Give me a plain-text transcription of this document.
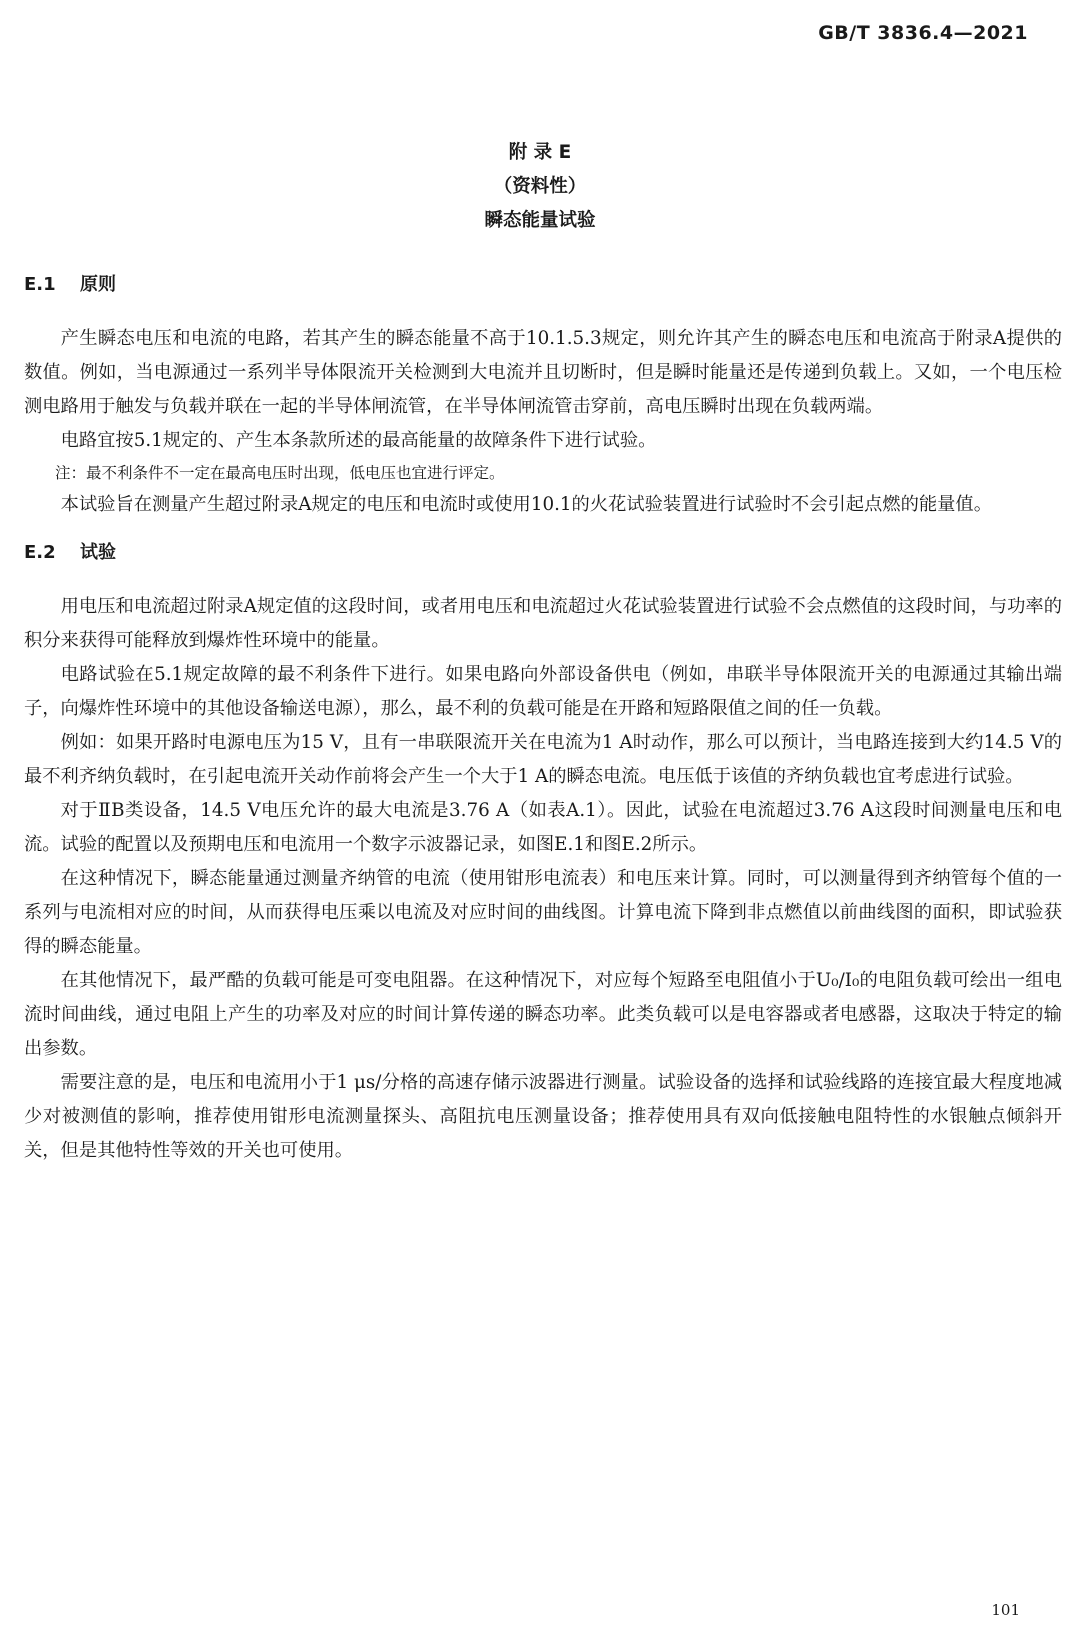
GB/T 3836.4—2021
附 录 E
（资料性）
瞬态能量试验
E.1 原则

产生瞬态电压和电流的电路，若其产生的瞬态能量不高于10.1.5.3规定，则允许其产生的瞬态电压和电流高于附录A提供的数值。例如，当电源通过一系列半导体限流开关检测到大电流并且切断时，但是瞬时能量还是传递到负载上。又如，一个电压检测电路用于触发与负载并联在一起的半导体闸流管，在半导体闸流管击穿前，高电压瞬时出现在负载两端。

电路宜按5.1规定的、产生本条款所述的最高能量的故障条件下进行试验。

注：最不利条件不一定在最高电压时出现，低电压也宜进行评定。

本试验旨在测量产生超过附录A规定的电压和电流时或使用10.1的火花试验装置进行试验时不会引起点燃的能量值。

E.2 试验

用电压和电流超过附录A规定值的这段时间，或者用电压和电流超过火花试验装置进行试验不会点燃值的这段时间，与功率的积分来获得可能释放到爆炸性环境中的能量。

电路试验在5.1规定故障的最不利条件下进行。如果电路向外部设备供电（例如，串联半导体限流开关的电源通过其输出端子，向爆炸性环境中的其他设备输送电源），那么，最不利的负载可能是在开路和短路限值之间的任一负载。

例如：如果开路时电源电压为15 V，且有一串联限流开关在电流为1 A时动作，那么可以预计，当电路连接到大约14.5 V的最不利齐纳负载时，在引起电流开关动作前将会产生一个大于1 A的瞬态电流。电压低于该值的齐纳负载也宜考虑进行试验。

对于ⅡB类设备，14.5 V电压允许的最大电流是3.76 A（如表A.1）。因此，试验在电流超过3.76 A这段时间测量电压和电流。试验的配置以及预期电压和电流用一个数字示波器记录，如图E.1和图E.2所示。

在这种情况下，瞬态能量通过测量齐纳管的电流（使用钳形电流表）和电压来计算。同时，可以测量得到齐纳管每个值的一系列与电流相对应的时间，从而获得电压乘以电流及对应时间的曲线图。计算电流下降到非点燃值以前曲线图的面积，即试验获得的瞬态能量。

在其他情况下，最严酷的负载可能是可变电阻器。在这种情况下，对应每个短路至电阻值小于U₀/I₀的电阻负载可绘出一组电流时间曲线，通过电阻上产生的功率及对应的时间计算传递的瞬态功率。此类负载可以是电容器或者电感器，这取决于特定的输出参数。

需要注意的是，电压和电流用小于1 μs/分格的高速存储示波器进行测量。试验设备的选择和试验线路的连接宜最大程度地减少对被测值的影响，推荐使用钳形电流测量探头、高阻抗电压测量设备；推荐使用具有双向低接触电阻特性的水银触点倾斜开关，但是其他特性等效的开关也可使用。

101
